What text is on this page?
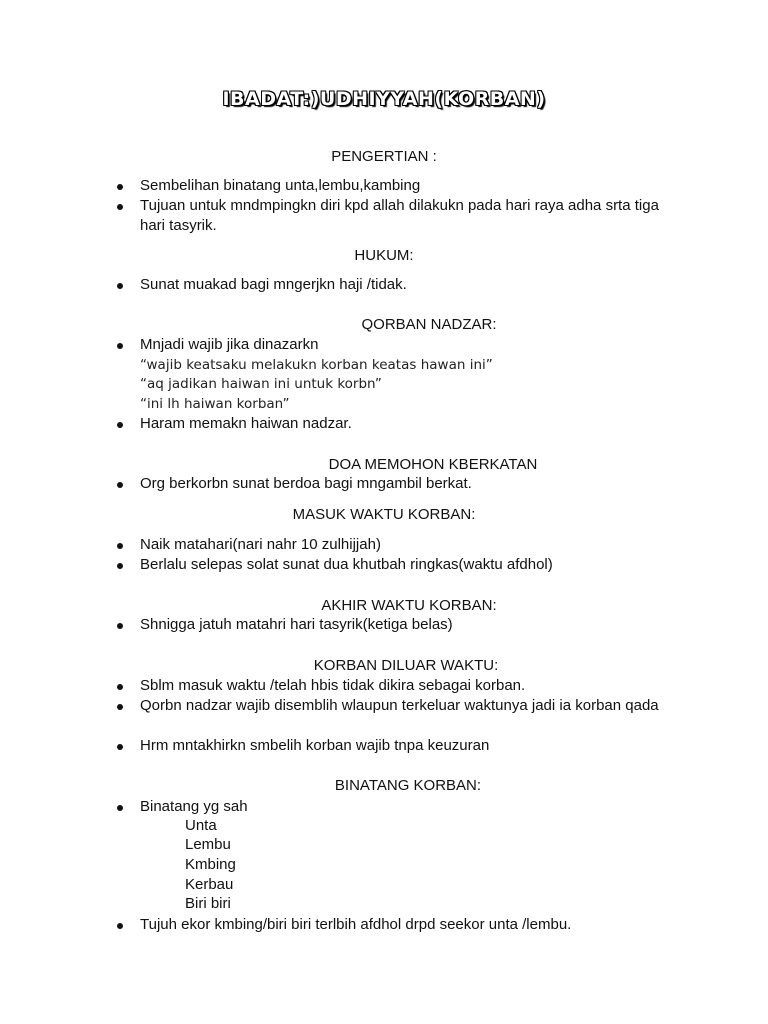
IBADAT:)UDHIYYAH(KORBAN)
PENGERTIAN :
Sembelihan binatang unta,lembu,kambing
Tujuan untuk mndmpingkn diri kpd allah dilakukn pada hari raya adha srta tiga hari tasyrik.
HUKUM:
Sunat muakad bagi mngerjkn haji /tidak.
QORBAN NADZAR:
Mnjadi wajib jika dinazarkn
“wajib keatsaku melakukn korban keatas hawan ini”
“aq jadikan haiwan ini untuk korbn”
“ini lh haiwan korban”
Haram memakn haiwan nadzar.
DOA MEMOHON KBERKATAN
Org berkorbn sunat berdoa bagi mngambil berkat.
MASUK WAKTU KORBAN:
Naik matahari(nari nahr 10 zulhijjah)
Berlalu selepas solat sunat dua khutbah ringkas(waktu afdhol)
AKHIR WAKTU KORBAN:
Shnigga jatuh matahri hari tasyrik(ketiga belas)
KORBAN DILUAR WAKTU:
Sblm masuk waktu /telah hbis tidak dikira sebagai korban.
Qorbn nadzar wajib disemblih wlaupun terkeluar waktunya jadi ia korban qada
Hrm mntakhirkn smbelih korban wajib tnpa keuzuran
BINATANG KORBAN:
Binatang yg sah
Unta
Lembu
Kmbing
Kerbau
Biri biri
Tujuh ekor kmbing/biri biri terlbih afdhol drpd seekor unta /lembu.
